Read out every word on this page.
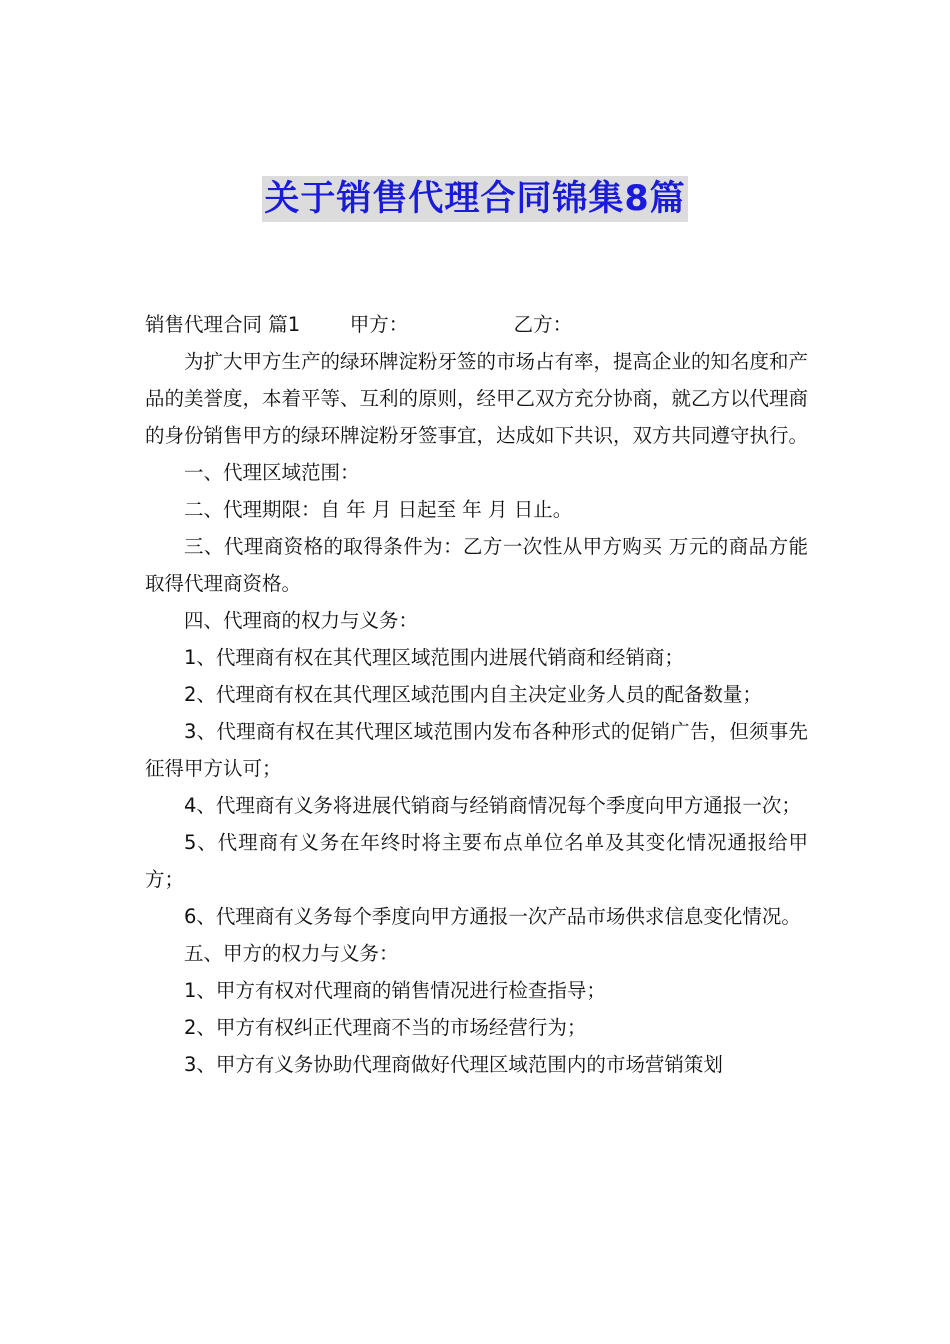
关于销售代理合同锦集8篇

销售代理合同 篇1	甲方：	乙方：

为扩大甲方生产的绿环牌淀粉牙签的市场占有率，提高企业的知名度和产品的美誉度，本着平等、互利的原则，经甲乙双方充分协商，就乙方以代理商的身份销售甲方的绿环牌淀粉牙签事宜，达成如下共识，双方共同遵守执行。

一、代理区域范围：

二、代理期限：自 年 月 日起至 年 月 日止。

三、代理商资格的取得条件为：乙方一次性从甲方购买 万元的商品方能取得代理商资格。

四、代理商的权力与义务：

1、代理商有权在其代理区域范围内进展代销商和经销商；

2、代理商有权在其代理区域范围内自主决定业务人员的配备数量；

3、代理商有权在其代理区域范围内发布各种形式的促销广告，但须事先征得甲方认可；

4、代理商有义务将进展代销商与经销商情况每个季度向甲方通报一次；

5、代理商有义务在年终时将主要布点单位名单及其变化情况通报给甲方；

6、代理商有义务每个季度向甲方通报一次产品市场供求信息变化情况。

五、甲方的权力与义务：

1、甲方有权对代理商的销售情况进行检查指导；

2、甲方有权纠正代理商不当的市场经营行为；

3、甲方有义务协助代理商做好代理区域范围内的市场营销策划
